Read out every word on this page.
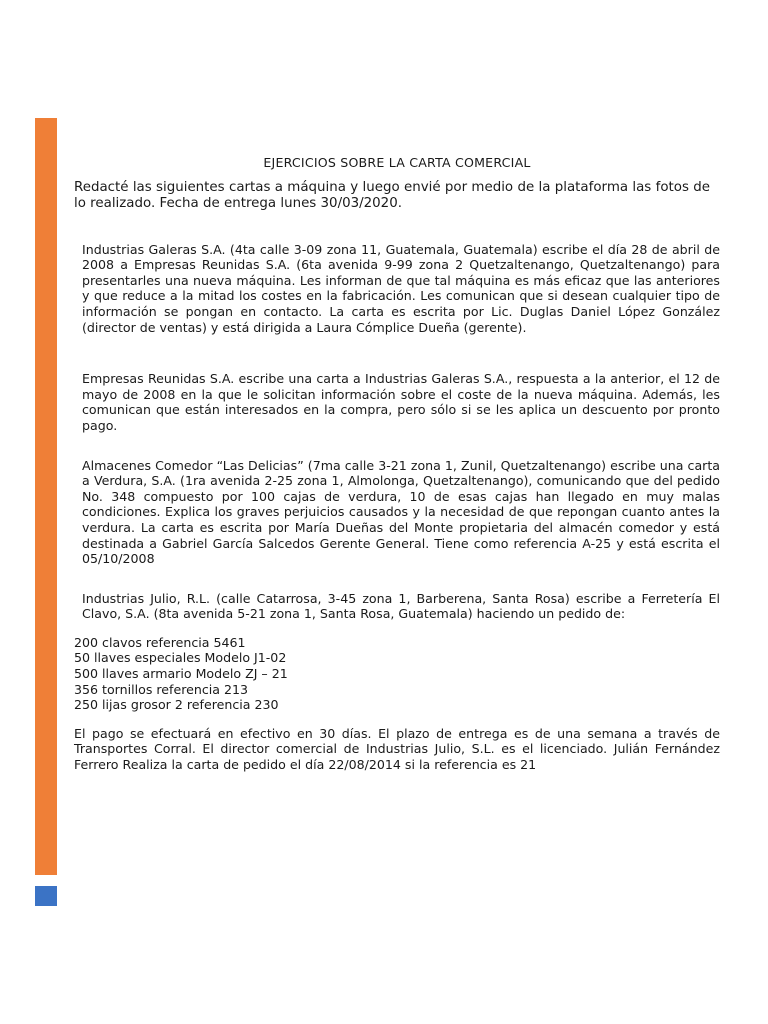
EJERCICIOS SOBRE LA CARTA COMERCIAL

Redacté las siguientes cartas a máquina y luego envié por medio de la plataforma las fotos de lo realizado. Fecha de entrega lunes 30/03/2020.

Industrias Galeras S.A. (4ta calle 3-09 zona 11, Guatemala, Guatemala) escribe el día 28 de abril de 2008 a Empresas Reunidas S.A. (6ta avenida 9-99 zona 2 Quetzaltenango, Quetzaltenango) para presentarles una nueva máquina. Les informan de que tal máquina es más eficaz que las anteriores y que reduce a la mitad los costes en la fabricación. Les comunican que si desean cualquier tipo de información se pongan en contacto. La carta es escrita por Lic. Duglas Daniel López González (director de ventas) y está dirigida a Laura Cómplice Dueña (gerente).

Empresas Reunidas S.A. escribe una carta a Industrias Galeras S.A., respuesta a la anterior, el 12 de mayo de 2008 en la que le solicitan información sobre el coste de la nueva máquina. Además, les comunican que están interesados en la compra, pero sólo si se les aplica un descuento por pronto pago.

Almacenes Comedor “Las Delicias” (7ma calle 3-21 zona 1, Zunil, Quetzaltenango) escribe una carta a Verdura, S.A. (1ra avenida 2-25 zona 1, Almolonga, Quetzaltenango), comunicando que del pedido No. 348 compuesto por 100 cajas de verdura, 10 de esas cajas han llegado en muy malas condiciones. Explica los graves perjuicios causados y la necesidad de que repongan cuanto antes la verdura. La carta es escrita por María Dueñas del Monte propietaria del almacén comedor y está destinada a Gabriel García Salcedos Gerente General. Tiene como referencia A-25 y está escrita el 05/10/2008

Industrias Julio, R.L. (calle Catarrosa, 3-45 zona 1, Barberena, Santa Rosa) escribe a Ferretería El Clavo, S.A. (8ta avenida 5-21 zona 1, Santa Rosa, Guatemala) haciendo un pedido de:

200 clavos referencia 5461
50 llaves especiales Modelo J1-02
500 llaves armario Modelo ZJ – 21
356 tornillos referencia 213
250 lijas grosor 2 referencia 230

El pago se efectuará en efectivo en 30 días. El plazo de entrega es de una semana a través de Transportes Corral. El director comercial de Industrias Julio, S.L. es el licenciado. Julián Fernández Ferrero Realiza la carta de pedido el día 22/08/2014 si la referencia es 21
